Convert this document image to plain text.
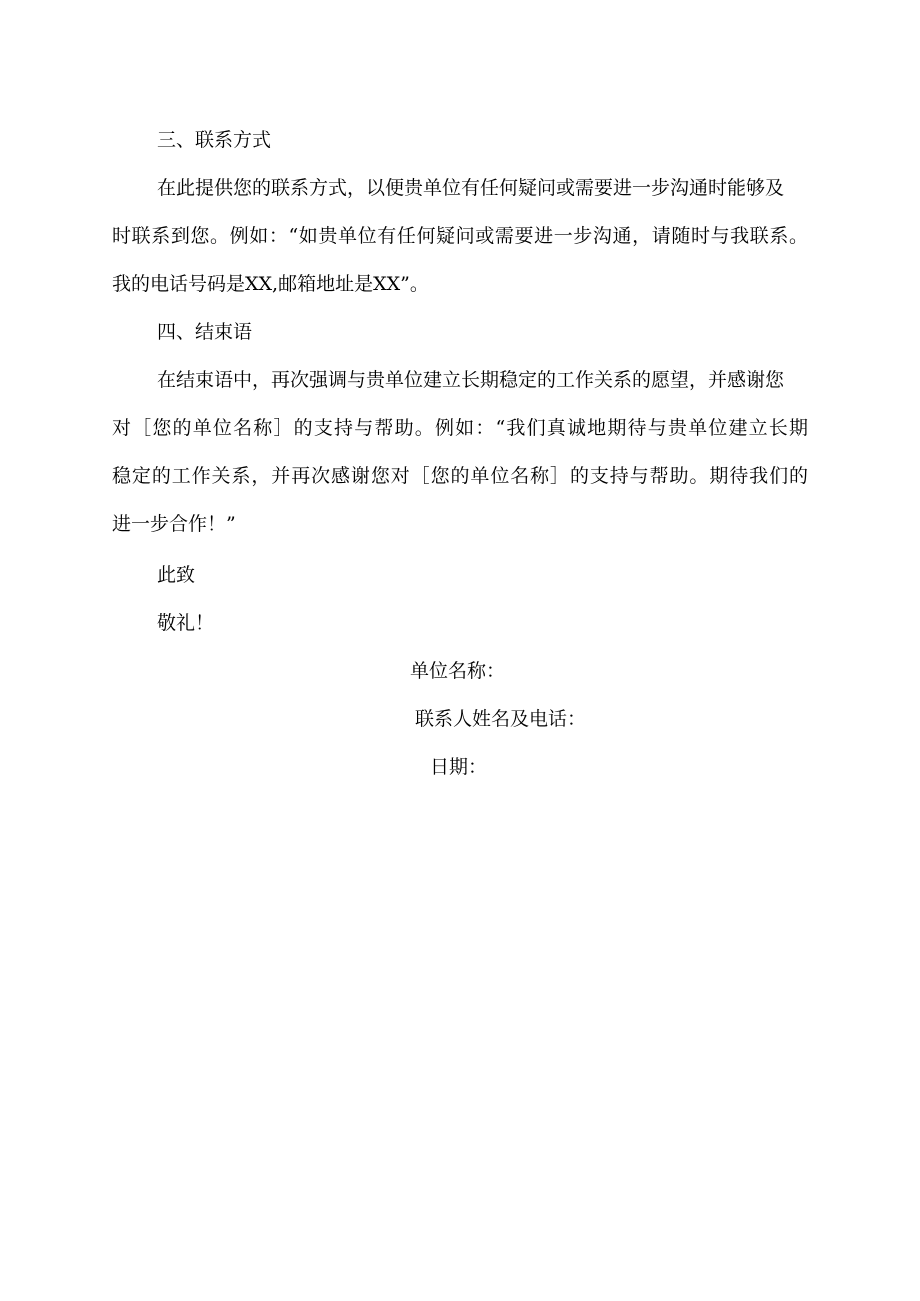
三、联系方式
在此提供您的联系方式，以便贵单位有任何疑问或需要进一步沟通时能够及
时联系到您。例如：“如贵单位有任何疑问或需要进一步沟通，请随时与我联系。
我的电话号码是XX,邮箱地址是XX”。
四、结束语
在结束语中，再次强调与贵单位建立长期稳定的工作关系的愿望，并感谢您
对［您的单位名称］的支持与帮助。例如：“我们真诚地期待与贵单位建立长期
稳定的工作关系，并再次感谢您对［您的单位名称］的支持与帮助。期待我们的
进一步合作！”
此致
敬礼！
单位名称：
联系人姓名及电话：
日期：
